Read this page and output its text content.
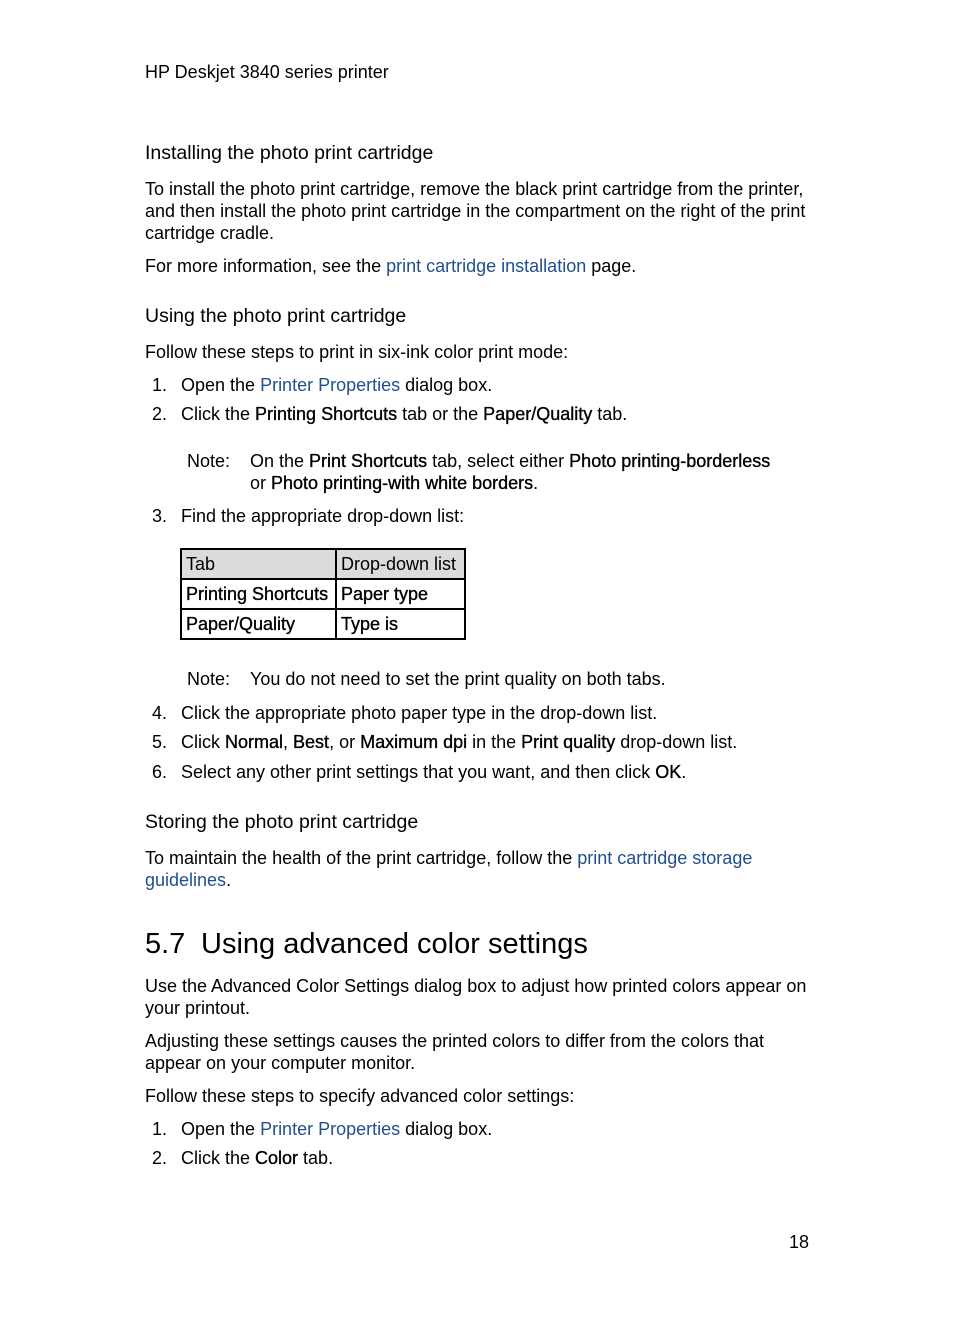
HP Deskjet 3840 series printer
Installing the photo print cartridge

To install the photo print cartridge, remove the black print cartridge from the printer, and then install the photo print cartridge in the compartment on the right of the print cartridge cradle.

For more information, see the print cartridge installation page.

Using the photo print cartridge

Follow these steps to print in six-ink color print mode:

1. Open the Printer Properties dialog box.
2. Click the Printing Shortcuts tab or the Paper/Quality tab.
Note: On the Print Shortcuts tab, select either Photo printing-borderless
or Photo printing-with white borders.
3. Find the appropriate drop-down list:
Tab	Drop-down list
Printing Shortcuts	Paper type
Paper/Quality	Type is
Note: You do not need to set the print quality on both tabs.
4. Click the appropriate photo paper type in the drop-down list.
5. Click Normal, Best, or Maximum dpi in the Print quality drop-down list.
6. Select any other print settings that you want, and then click OK.
Storing the photo print cartridge

To maintain the health of the print cartridge, follow the print cartridge storage
guidelines.

5.7 Using advanced color settings

Use the Advanced Color Settings dialog box to adjust how printed colors appear on your printout.

Adjusting these settings causes the printed colors to differ from the colors that appear on your computer monitor.

Follow these steps to specify advanced color settings:

1. Open the Printer Properties dialog box.
2. Click the Color tab.
18
